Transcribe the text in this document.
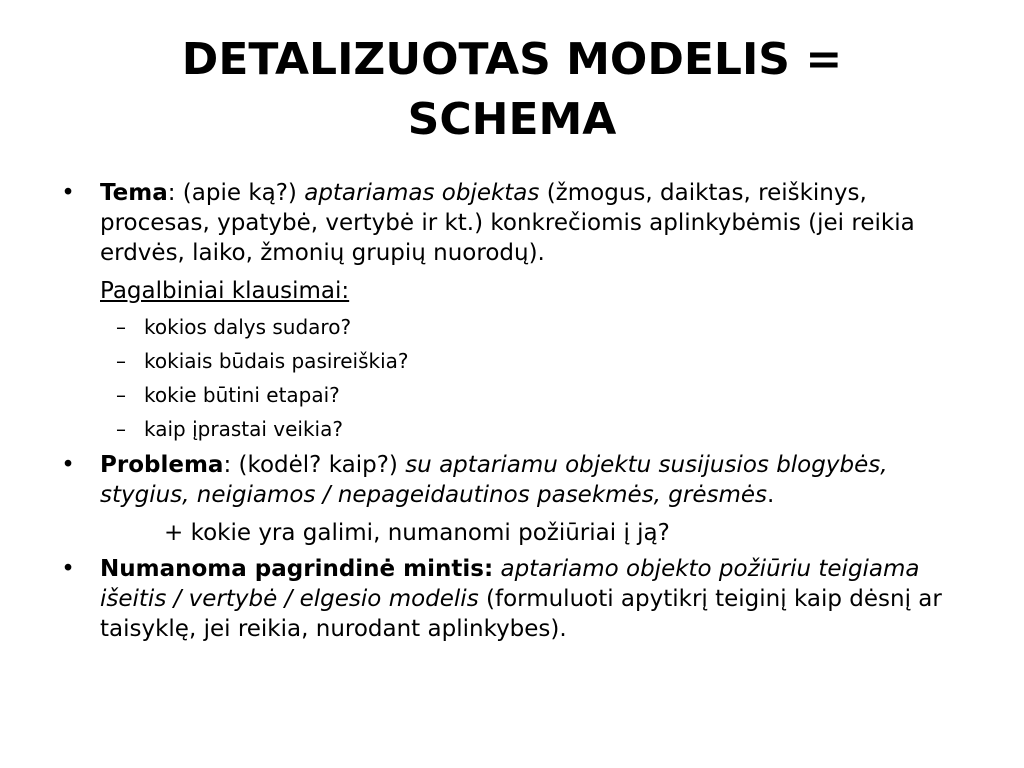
DETALIZUOTAS MODELIS =
SCHEMA
• Tema: (apie ką?) aptariamas objektas (žmogus, daiktas, reiškinys, procesas, ypatybė, vertybė ir kt.) konkrečiomis aplinkybėmis (jei reikia erdvės, laiko, žmonių grupių nuorodų).

Pagalbiniai klausimai:
– kokios dalys sudaro?
– kokiais būdais pasireiškia?
– kokie būtini etapai?
– kaip įprastai veikia?
• Problema: (kodėl? kaip?) su aptariamu objektu susijusios blogybės, stygius, neigiamos / nepageidautinos pasekmės, grėsmės.

+ kokie yra galimi, numanomi požiūriai į ją?
• Numanoma pagrindinė mintis: aptariamo objekto požiūriu teigiama išeitis / vertybė / elgesio modelis (formuluoti apytikrį teiginį kaip dėsnį ar taisyklę, jei reikia, nurodant aplinkybes).
